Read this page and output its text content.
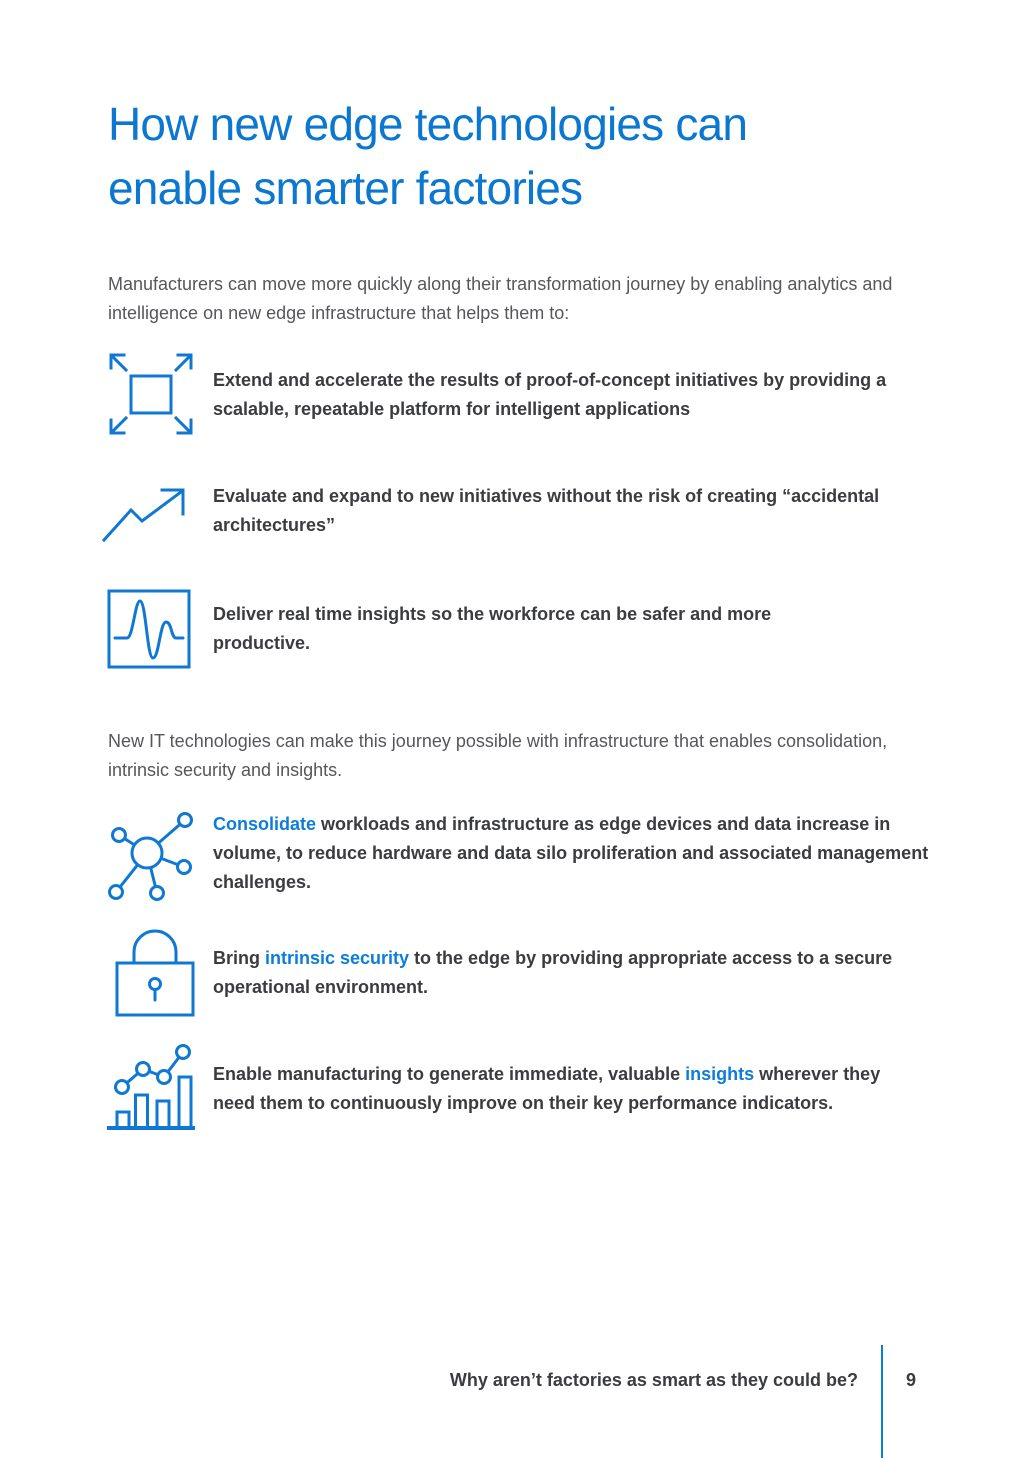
How new edge technologies can
enable smarter factories

Manufacturers can move more quickly along their transformation journey by enabling analytics and intelligence on new edge infrastructure that helps them to:

Extend and accelerate the results of proof-of-concept initiatives by providing a scalable, repeatable platform for intelligent applications

Evaluate and expand to new initiatives without the risk of creating “accidental architectures”

Deliver real time insights so the workforce can be safer and more productive.

New IT technologies can make this journey possible with infrastructure that enables consolidation, intrinsic security and insights.

Consolidate workloads and infrastructure as edge devices and data increase in volume, to reduce hardware and data silo proliferation and associated management challenges.

Bring intrinsic security to the edge by providing appropriate access to a secure operational environment.

Enable manufacturing to generate immediate, valuable insights wherever they need them to continuously improve on their key performance indicators.

Why aren’t factories as smart as they could be?	9
